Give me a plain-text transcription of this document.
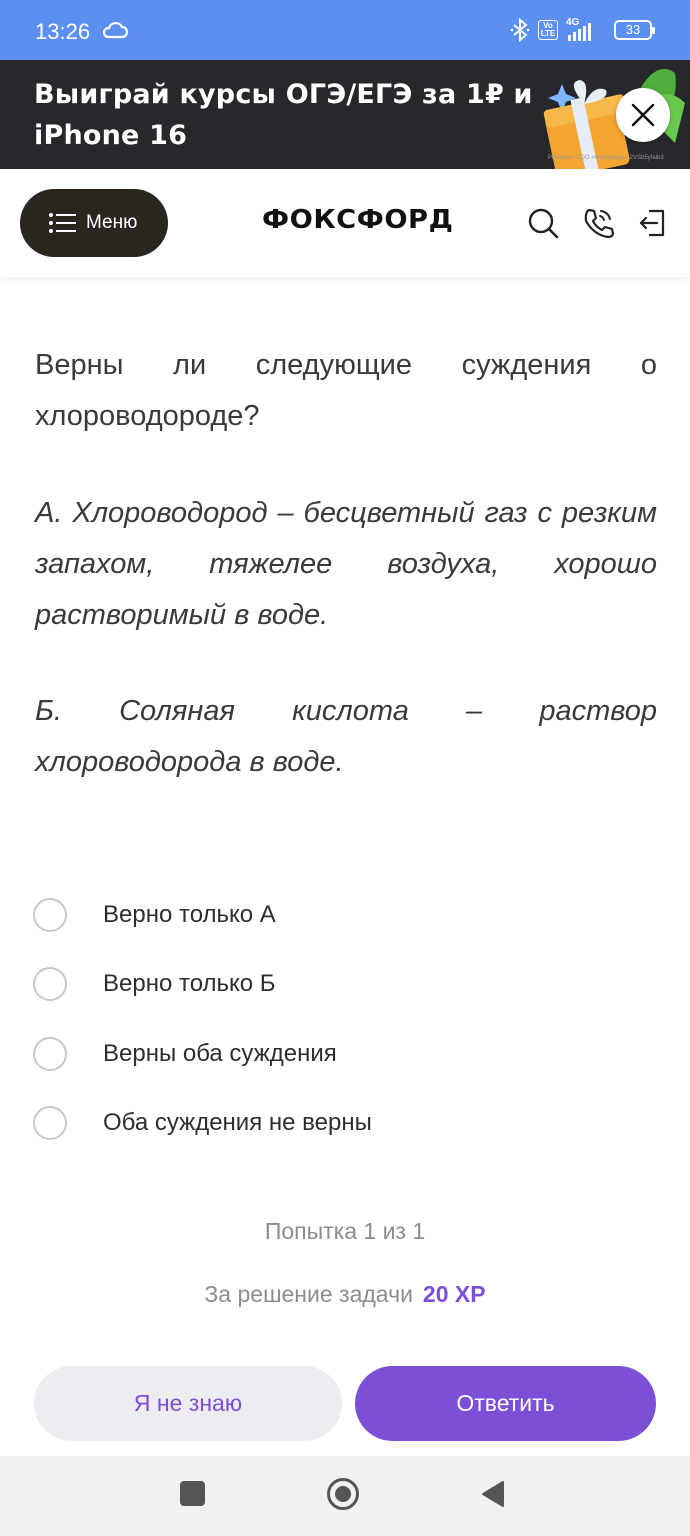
13:26	Vo LTE
4G	33
Выиграй курсы ОГЭ/ЕГЭ за 1₽ и iPhone 16
Реклама. ООО «Фоксфорд». 2VSb5yfaib3
Меню	ФОКСФОРД
Верны ли следующие суждения о хлороводороде?
А. Хлороводород – бесцветный газ с резким запахом, тяжелее воздуха, хорошо растворимый в воде.
Б. Соляная кислота – раствор хлороводорода в воде.
Верно только А
Верно только Б
Верны оба суждения
Оба суждения не верны
Попытка 1 из 1
За решение задачи 20 XP
Я не знаю	Ответить
